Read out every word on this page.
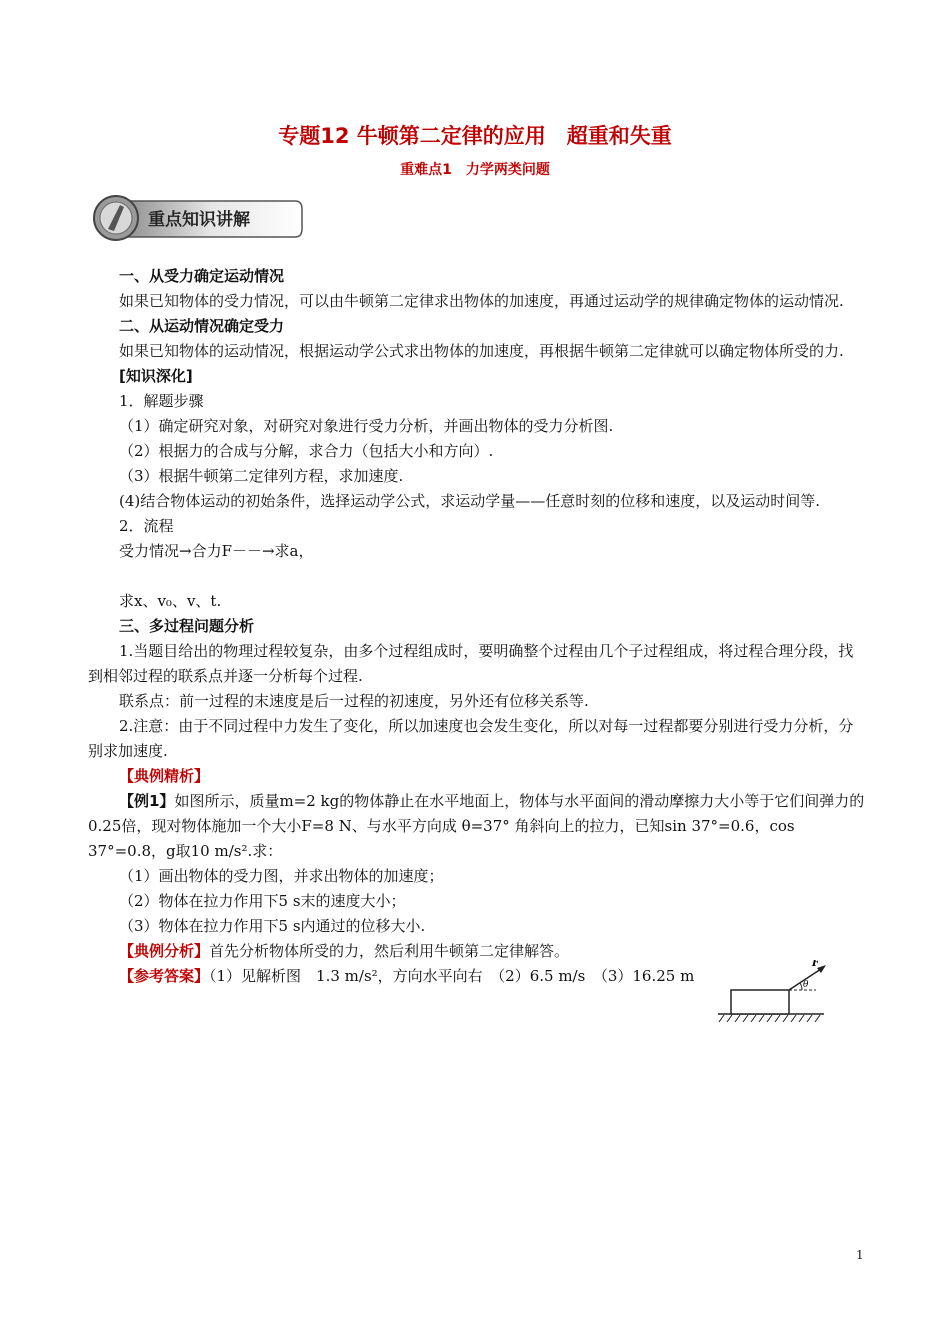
专题12 牛顿第二定律的应用　超重和失重
重难点1　力学两类问题
重点知识讲解
一、从受力确定运动情况
如果已知物体的受力情况，可以由牛顿第二定律求出物体的加速度，再通过运动学的规律确定物体的运动情况.
二、从运动情况确定受力
如果已知物体的运动情况，根据运动学公式求出物体的加速度，再根据牛顿第二定律就可以确定物体所受的力.
[知识深化]
1．解题步骤
（1）确定研究对象，对研究对象进行受力分析，并画出物体的受力分析图.
（2）根据力的合成与分解，求合力（包括大小和方向）.
（3）根据牛顿第二定律列方程，求加速度.
(4)结合物体运动的初始条件，选择运动学公式，求运动学量——任意时刻的位移和速度，以及运动时间等.
2．流程
受力情况→合力F－－→求a，
求x、v₀、v、t.
三、多过程问题分析
1.当题目给出的物理过程较复杂，由多个过程组成时，要明确整个过程由几个子过程组成，将过程合理分段，找到相邻过程的联系点并逐一分析每个过程.
联系点：前一过程的末速度是后一过程的初速度，另外还有位移关系等.
2.注意：由于不同过程中力发生了变化，所以加速度也会发生变化，所以对每一过程都要分别进行受力分析，分别求加速度.
【典例精析】
【例1】如图所示，质量m=2 kg的物体静止在水平地面上，物体与水平面间的滑动摩擦力大小等于它们间弹力的0.25倍，现对物体施加一个大小F=8 N、与水平方向成 θ=37° 角斜向上的拉力，已知sin 37°=0.6，cos 37°=0.8，g取10 m/s².求：
（1）画出物体的受力图，并求出物体的加速度；
（2）物体在拉力作用下5 s末的速度大小；
（3）物体在拉力作用下5 s内通过的位移大小.
【典例分析】首先分析物体所受的力，然后利用牛顿第二定律解答。
【参考答案】（1）见解析图　1.3 m/s²，方向水平向右　（2）6.5 m/s　（3）16.25 m
F
θ
1
